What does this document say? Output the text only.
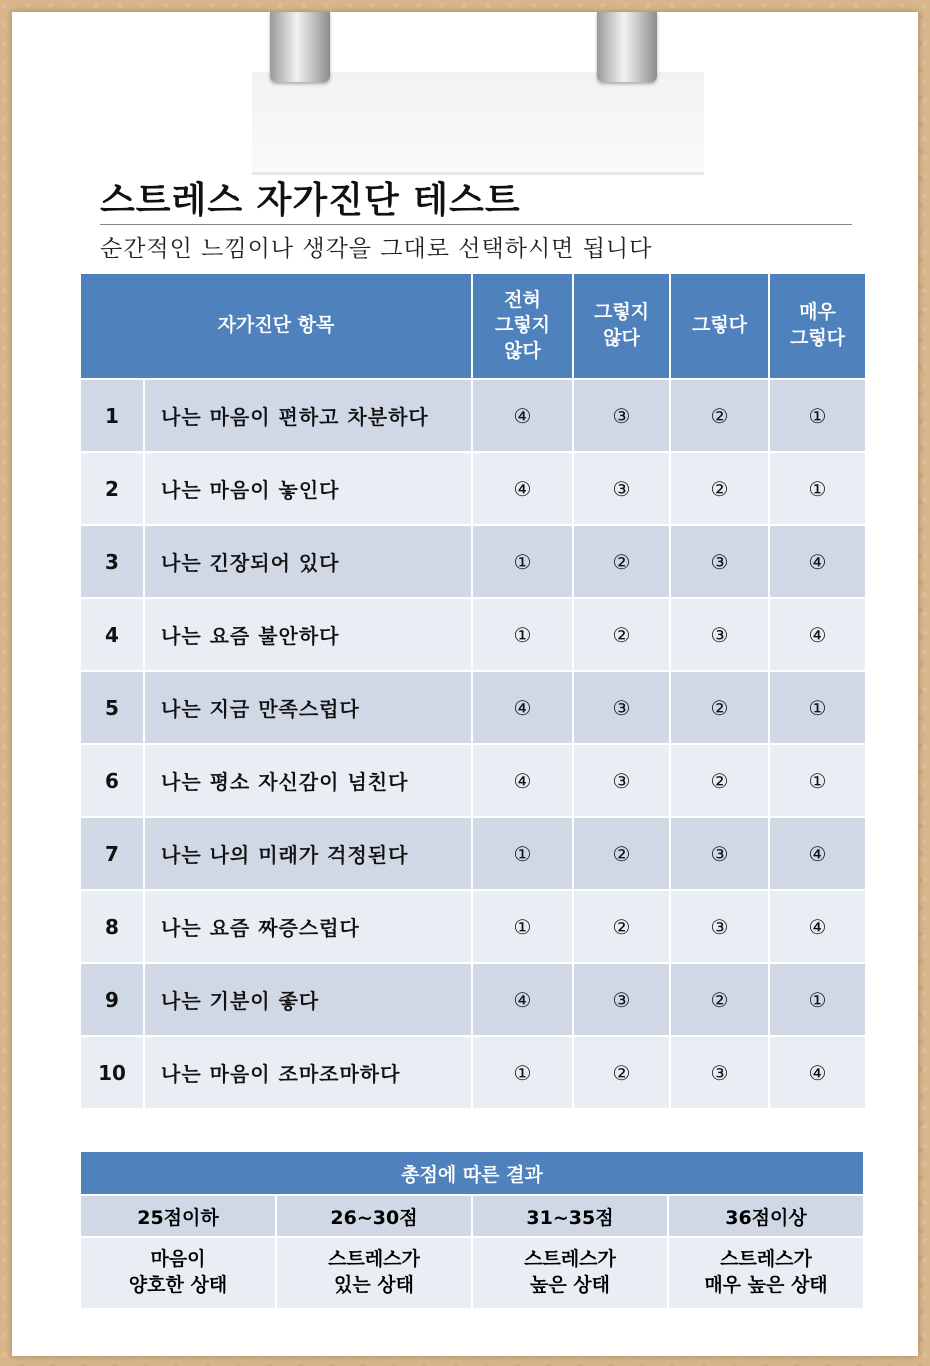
스트레스 자가진단 테스트

순간적인 느낌이나 생각을 그대로 선택하시면 됩니다

자가진단 항목		전혀
그렇지
않다	그렇지
않다	그렇다	매우
그렇다

1	나는 마음이 편하고 차분하다	④	③	②	①
2	나는 마음이 놓인다	④	③	②	①
3	나는 긴장되어 있다	①	②	③	④
4	나는 요즘 불안하다	①	②	③	④
5	나는 지금 만족스럽다	④	③	②	①
6	나는 평소 자신감이 넘친다	④	③	②	①
7	나는 나의 미래가 걱정된다	①	②	③	④
8	나는 요즘 짜증스럽다	①	②	③	④
9	나는 기분이 좋다	④	③	②	①
10	나는 마음이 조마조마하다	①	②	③	④
총점에 따른 결과			
25점이하	26~30점	31~35점	36점이상

마음이
양호한 상태	스트레스가
있는 상태	스트레스가
높은 상태	스트레스가
매우 높은 상태
